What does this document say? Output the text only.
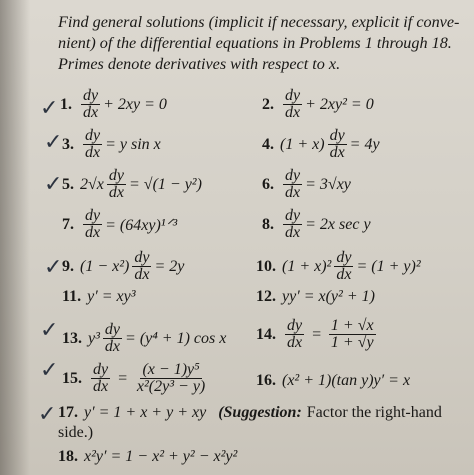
Find general solutions (implicit if necessary, explicit if conve-

nient) of the differential equations in Problems 1 through 18.

Primes denote derivatives with respect to x.

✓
✓
✓
✓
✓
✓
✓
1. $\frac{dy}{dx} + 2xy = 0$	2. $\frac{dy}{dx} + 2xy^2 = 0$
3. $\frac{dy}{dx} = y$ sin x	4. $(1 + x) \frac{dy}{dx} = 4y$
5. $2√x \frac{dy}{dx} = √(1 - y^2)$	6. $\frac{dy}{dx} = 3√xy$
7. $\frac{dy}{dx}$ = (64xy)¹ᐟ³	8. $\frac{dy}{dx} = 2x$ sec y
9. $(1 - x^2) \frac{dy}{dx} = 2y$	10. $(1 + x)^2 \frac{dy}{dx} = (1 + y)^2$
11. y′ = xy³	12. yy′ = x(y² + 1)
13. $y^3 \frac{dy}{dx} = (y^4 + 1)$ cos x 14. $\frac{dy}{dx} = \frac{1 + √x}{1 + √y}$
15. $\frac{dy}{dx} = \frac{\text{(x − 1)y⁵}}{\text{x²(2y³ − y)}}$	16. (x² + 1)(tan y)y′ = x
17. y′ = 1 + x + y + xy (Suggestion: Factor the right-hand
side.)
18. x²y′ = 1 − x² + y² − x²y²
